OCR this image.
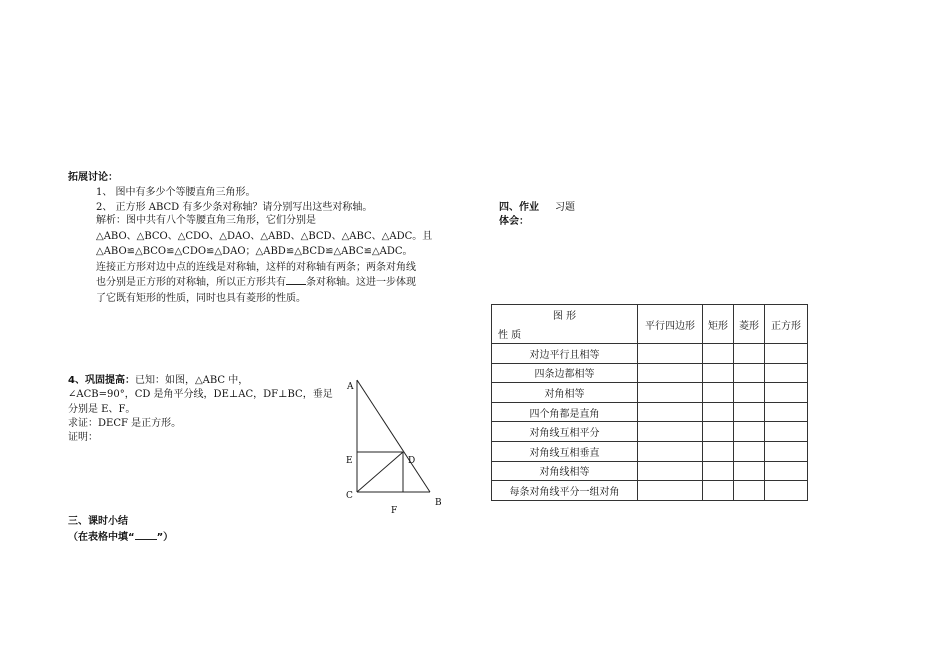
拓展讨论：
1、 图中有多少个等腰直角三角形。
2、 正方形 ABCD 有多少条对称轴？请分别写出这些对称轴。
解析：图中共有八个等腰直角三角形，它们分别是
△ABO、△BCO、△CDO、△DAO、△ABD、△BCD、△ABC、△ADC。且
△ABO≌△BCO≌△CDO≌△DAO；△ABD≌△BCD≌△ABC≌△ADC。
连接正方形对边中点的连线是对称轴，这样的对称轴有两条；两条对角线
也分别是正方形的对称轴，所以正方形共有 条对称轴。这进一步体现
了它既有矩形的性质，同时也具有菱形的性质。
4、巩固提高：已知：如图，△ABC 中，
∠ACB=90°，CD 是角平分线，DE⊥AC，DF⊥BC，垂足
分别是 E、F。
求证：DECF 是正方形。
证明：
A
E	D
C
F
B
三、课时小结
（在表格中填“ ”）
四、作业 习题
体会：
图 形
性 质	平行四边形	矩形	菱形	正方形
对边平行且相等				
四条边都相等				
对角相等				
四个角都是直角				
对角线互相平分				
对角线互相垂直				
对角线相等				
每条对角线平分一组对角				
